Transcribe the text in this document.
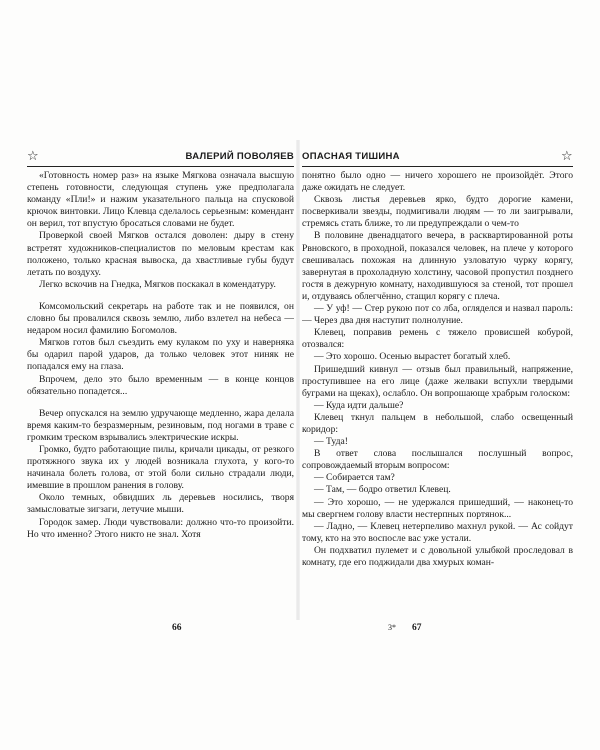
☆	ВАЛЕРИЙ ПОВОЛЯЕВ

«Готовность номер раз» на языке Мягкова означала высшую степень готовности, следующая ступень уже предполагала команду «Пли!» и нажим указательного пальца на спусковой крючок винтовки. Лицо Клевца сделалось серьезным: комендант он верил, тот впустую бросаться словами не будет.

Проверкой своей Мягков остался доволен: дыру в стену встретят художников-специалистов по меловым крестам как положено, только красная вывоска, да хвастливые губы будут летать по воздуху.

Легко вскочив на Гнедка, Мягков поскакал в комендатуру.

Комсомольский секретарь на работе так и не появился, он словно бы провалился сквозь землю, либо взлетел на небеса — недаром носил фамилию Богомолов.

Мягков готов был съездить ему кулаком по уху и наверняка бы одарил парой ударов, да только человек этот ниняк не попадался ему на глаза.

Впрочем, дело это было временным — в конце концов обязательно попадется...

Вечер опускался на землю удручающе медленно, жара делала время каким-то безразмерным, резиновым, под ногами в траве с громким треском взрывались электрические искры.

Громко, будто работающие пилы, кричали цикады, от резкого протяжного звука их у людей возникала глухота, у кого-то начинала болеть голова, от этой боли сильно страдали люди, имевшие в прошлом ранения в голову.

Около темных, обвидших ль деревьев носились, творя замысловатые зигзаги, летучие мыши.

Городок замер. Люди чувствовали: должно что-то произойти. Но что именно? Этого никто не знал. Хотя

ОПАСНАЯ ТИШИНА	☆

понятно было одно — ничего хорошего не произойдёт. Этого даже ожидать не следует.

Сквозь листья деревьев ярко, будто дорогие камени, посверкивали звезды, подмигивали людям — то ли заигрывали, стремясь стать ближе, то ли предупреждали о чем-то

В половине двенадцатого вечера, в расквартированной роты Рвновского, в проходной, показался человек, на плече у которого свешивалась похожая на длинную узловатую чурку корягу, завернутая в прохоладную холстину, часовой пропустил позднего гостя в дежурную комнату, находившуюся за стеной, тот прошел и, отдуваясь облегчённо, стащил корягу с плеча.

— У уф! — Стер рукою пот со лба, огляделся и назвал пароль: — Через два дня наступит полнолуние.

Клевец, поправив ремень с тяжело провисшей кобурой, отозвался:

— Это хорошо. Осенью вырастет богатый хлеб.

Пришедший кивнул — отзыв был правильный, напряжение, проступившее на его лице (даже желваки вспухли твердыми буграми на щеках), ослабло. Он вопрошающе храбрым голоском:

— Куда идти дальше?

Клевец ткнул пальцем в небольшой, слабо освещенный коридор:

— Туда!

В ответ слова послышался послушный вопрос, сопровождаемый вторым вопросом:

— Собирается там?

— Там, — бодро ответил Клевец.

— Это хорошо, — не удержался пришедший, — наконец-то мы свергнем голову власти нестерпных портянок...

— Ладно, — Клевец нетерпеливо махнул рукой. — Ас сойдут тому, кто на это воспосле вас уже устали.

Он подхватил пулемет и с довольной улыбкой проследовал в комнату, где его поджидали два хмурых коман-

66	3* 67
